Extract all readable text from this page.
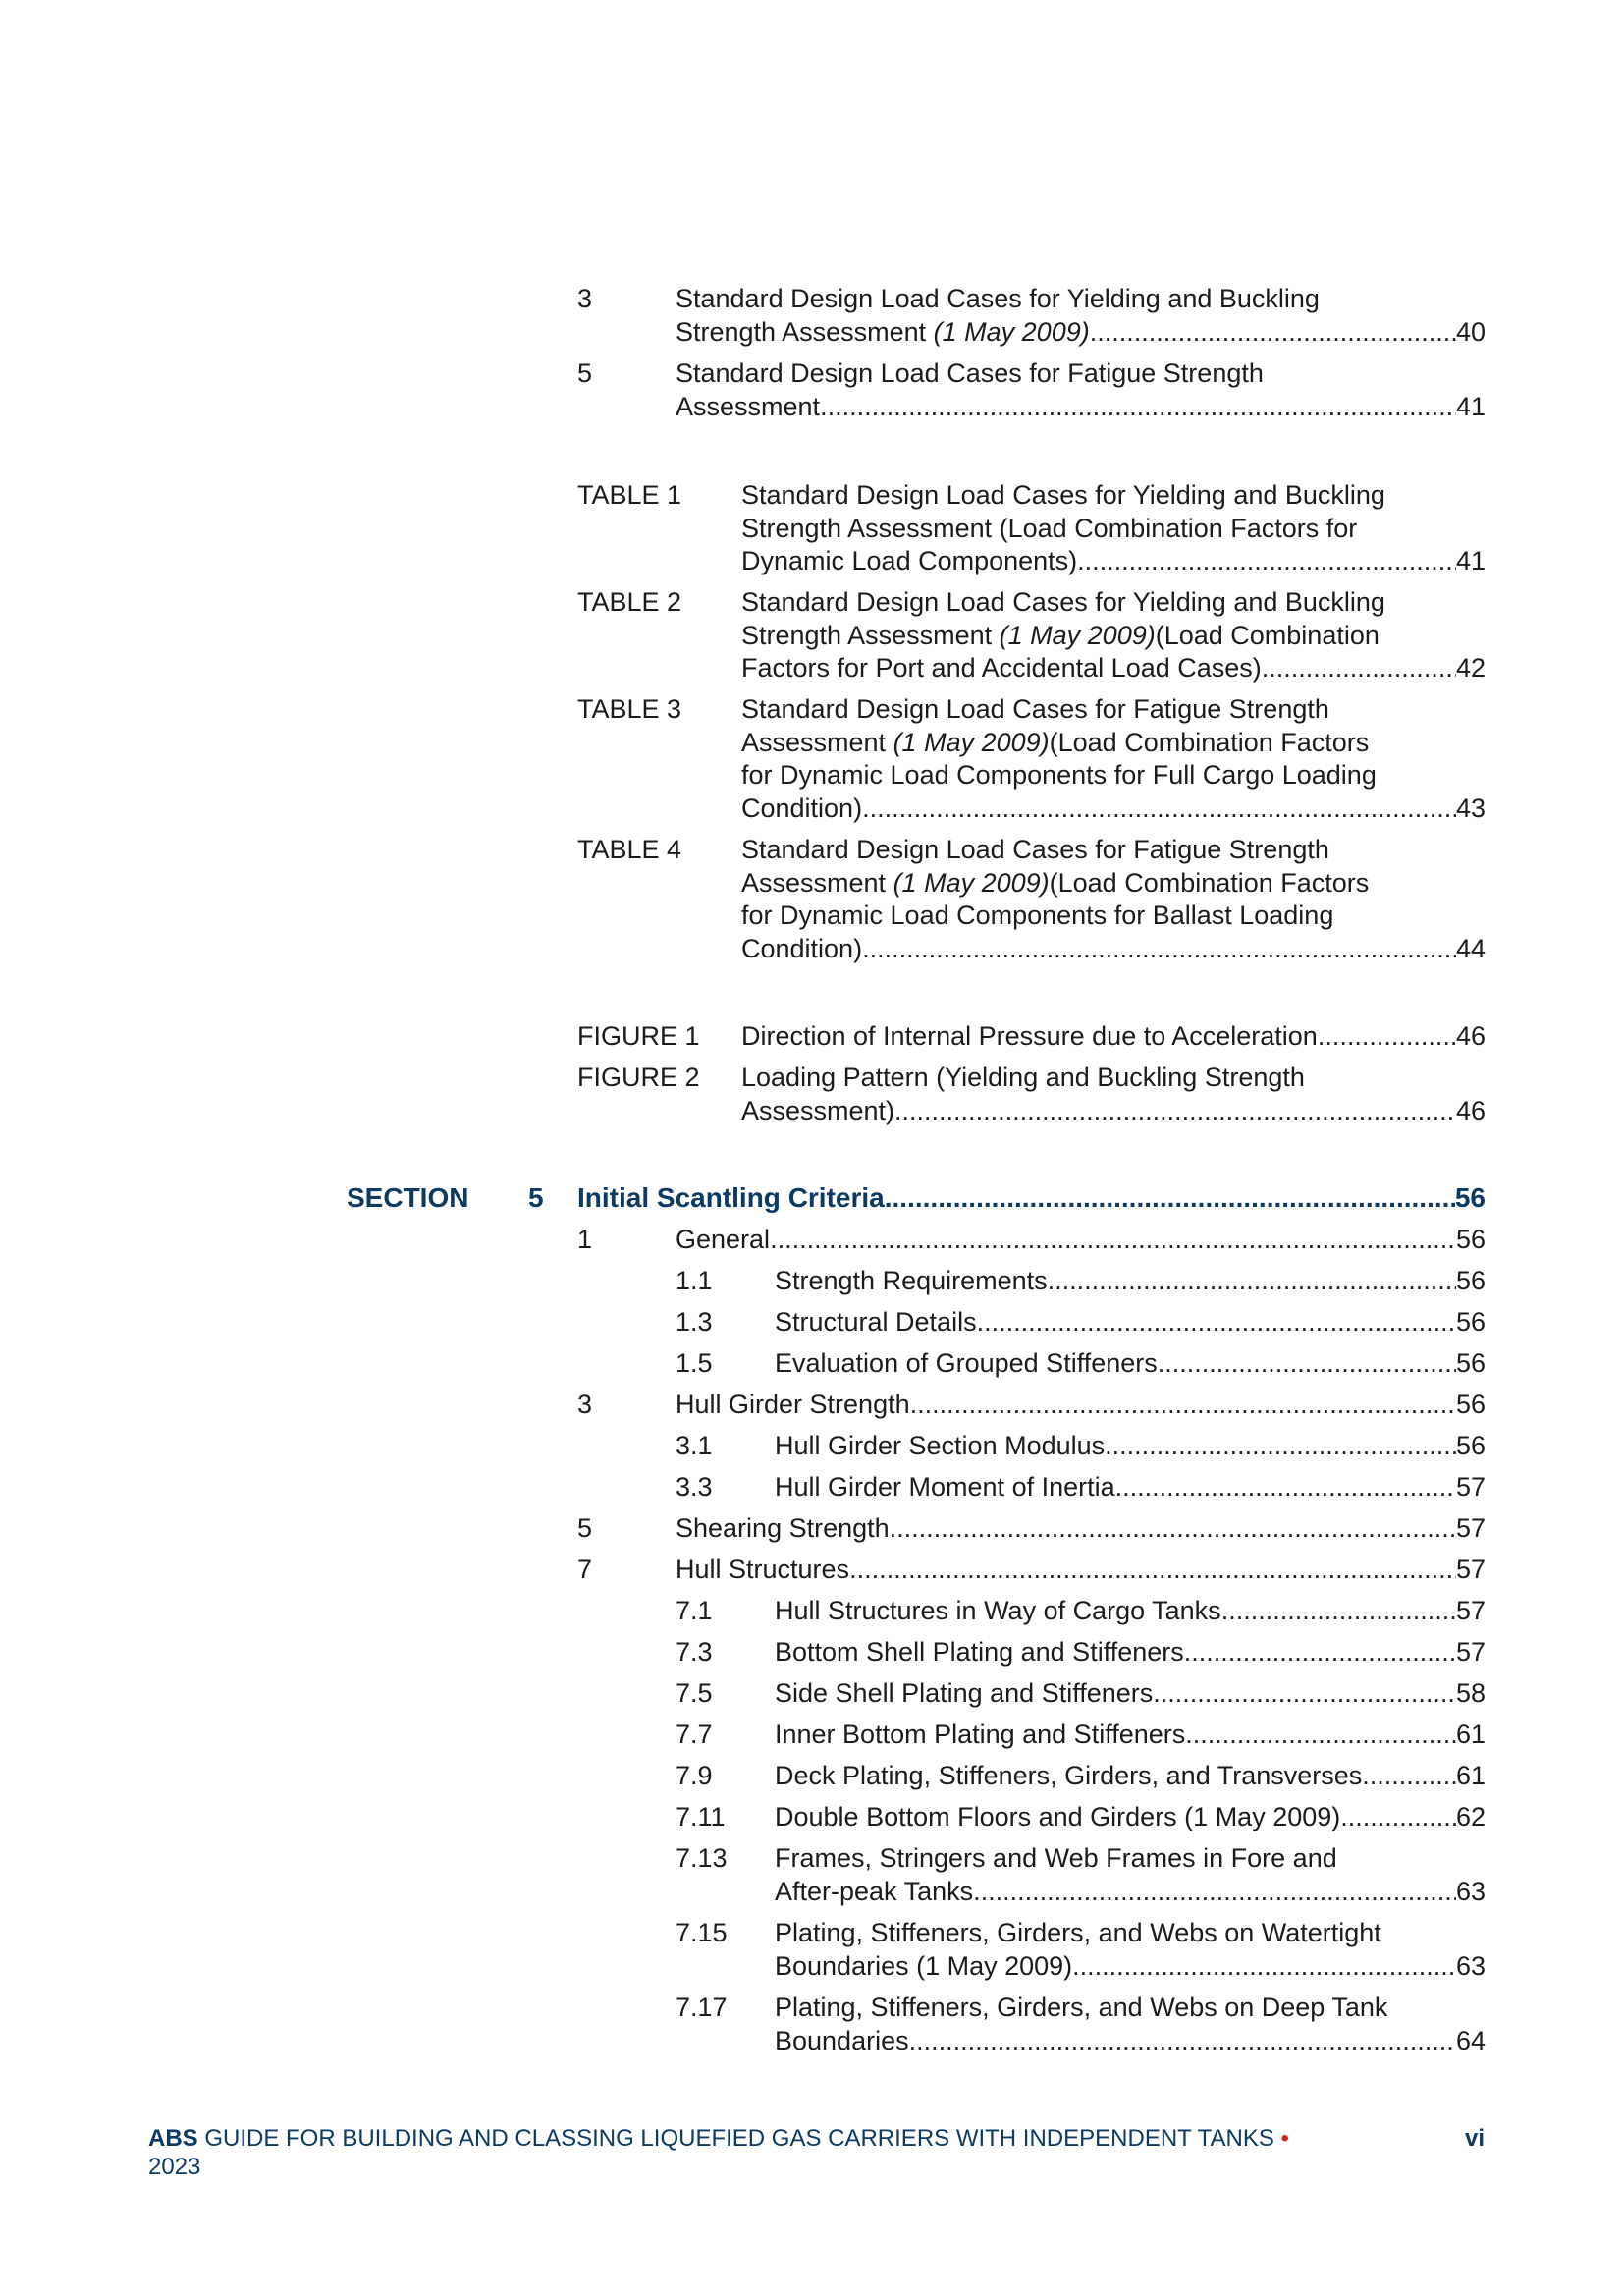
3	Standard Design Load Cases for Yielding and Buckling
Strength Assessment (1 May 2009) .....	40
5	Standard Design Load Cases for Fatigue Strength
Assessment .....	41
TABLE 1 Standard Design Load Cases for Yielding and Buckling
Strength Assessment (Load Combination Factors for
Dynamic Load Components) .....	41
TABLE 2 Standard Design Load Cases for Yielding and Buckling
Strength Assessment (1 May 2009)(Load Combination
Factors for Port and Accidental Load Cases) .....	42
TABLE 3 Standard Design Load Cases for Fatigue Strength
Assessment (1 May 2009)(Load Combination Factors
for Dynamic Load Components for Full Cargo Loading
Condition) .....	43
TABLE 4 Standard Design Load Cases for Fatigue Strength
Assessment (1 May 2009)(Load Combination Factors
for Dynamic Load Components for Ballast Loading
Condition) .....	44
FIGURE 1 Direction of Internal Pressure due to Acceleration .....	46
FIGURE 2 Loading Pattern (Yielding and Buckling Strength
Assessment) .....	46
SECTION 5 Initial Scantling Criteria .....	56
1	General .....	56
1.1 Strength Requirements .....	56
1.3 Structural Details .....	56
1.5 Evaluation of Grouped Stiffeners .....	56
3	Hull Girder Strength .....	56
3.1 Hull Girder Section Modulus .....	56
3.3 Hull Girder Moment of Inertia .....	57
5	Shearing Strength .....	57
7	Hull Structures .....	57
7.1 Hull Structures in Way of Cargo Tanks .....	57
7.3 Bottom Shell Plating and Stiffeners .....	57
7.5 Side Shell Plating and Stiffeners .....	58
7.7 Inner Bottom Plating and Stiffeners .....	61
7.9 Deck Plating, Stiffeners, Girders, and Transverses .....	61
7.11 Double Bottom Floors and Girders (1 May 2009) .....	62
7.13 Frames, Stringers and Web Frames in Fore and
After-peak Tanks .....	63
7.15 Plating, Stiffeners, Girders, and Webs on Watertight
Boundaries (1 May 2009) .....	63
7.17 Plating, Stiffeners, Girders, and Webs on Deep Tank
Boundaries .....	64
ABS GUIDE FOR BUILDING AND CLASSING LIQUEFIED GAS CARRIERS WITH INDEPENDENT TANKS •
2023
vi
